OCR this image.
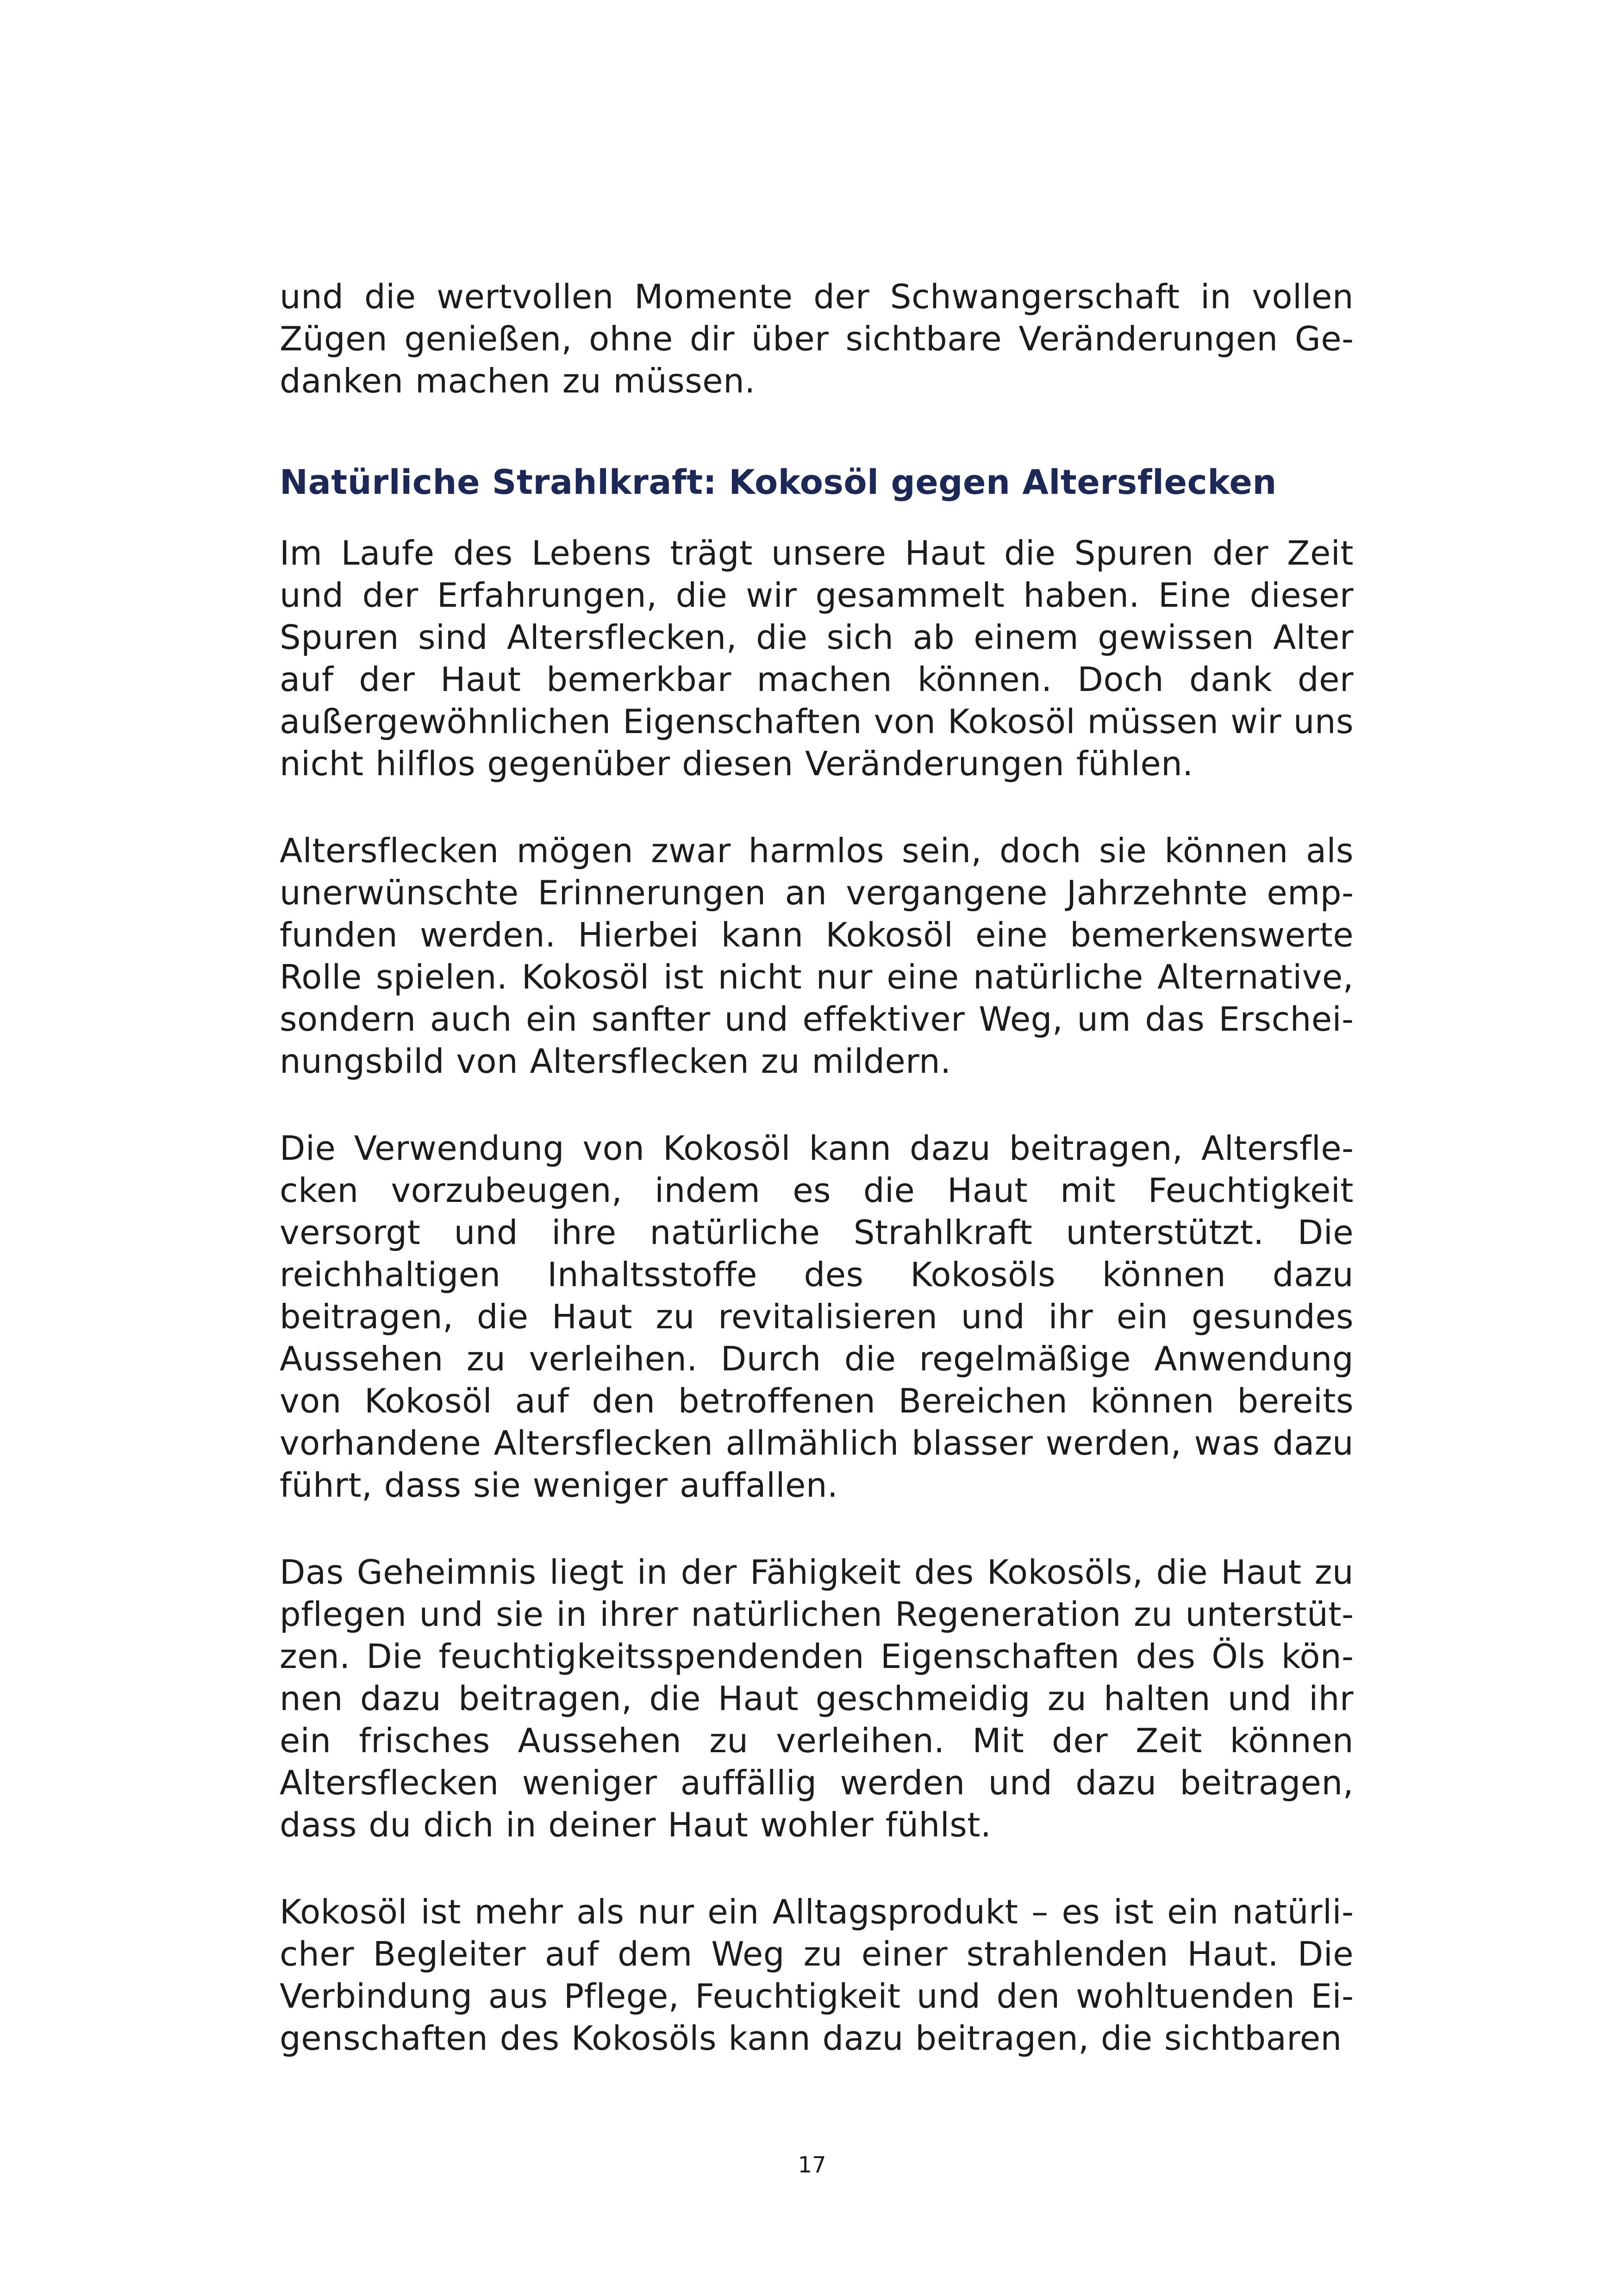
und die wertvollen Momente der Schwangerschaft in vollen Zügen genießen, ohne dir über sichtbare Veränderungen Gedanken machen zu müssen.

Natürliche Strahlkraft: Kokosöl gegen Altersflecken

Im Laufe des Lebens trägt unsere Haut die Spuren der Zeit und der Erfahrungen, die wir gesammelt haben. Eine dieser Spuren sind Altersflecken, die sich ab einem gewissen Alter auf der Haut bemerkbar machen können. Doch dank der außergewöhnlichen Eigenschaften von Kokosöl müssen wir uns nicht hilflos gegenüber diesen Veränderungen fühlen.

Altersflecken mögen zwar harmlos sein, doch sie können als unerwünschte Erinnerungen an vergangene Jahrzehnte empfunden werden. Hierbei kann Kokosöl eine bemerkenswerte Rolle spielen. Kokosöl ist nicht nur eine natürliche Alternative, sondern auch ein sanfter und effektiver Weg, um das Erscheinungsbild von Altersflecken zu mildern.

Die Verwendung von Kokosöl kann dazu beitragen, Altersflecken vorzubeugen, indem es die Haut mit Feuchtigkeit versorgt und ihre natürliche Strahlkraft unterstützt. Die reichhaltigen Inhaltsstoffe des Kokosöls können dazu beitragen, die Haut zu revitalisieren und ihr ein gesundes Aussehen zu verleihen. Durch die regelmäßige Anwendung von Kokosöl auf den betroffenen Bereichen können bereits vorhandene Altersflecken allmählich blasser werden, was dazu führt, dass sie weniger auffallen.

Das Geheimnis liegt in der Fähigkeit des Kokosöls, die Haut zu pflegen und sie in ihrer natürlichen Regeneration zu unterstützen. Die feuchtigkeitsspendenden Eigenschaften des Öls können dazu beitragen, die Haut geschmeidig zu halten und ihr ein frisches Aussehen zu verleihen. Mit der Zeit können Altersflecken weniger auffällig werden und dazu beitragen, dass du dich in deiner Haut wohler fühlst.

Kokosöl ist mehr als nur ein Alltagsprodukt – es ist ein natürlicher Begleiter auf dem Weg zu einer strahlenden Haut. Die Verbindung aus Pflege, Feuchtigkeit und den wohltuenden Eigenschaften des Kokosöls kann dazu beitragen, die sichtbaren

17
